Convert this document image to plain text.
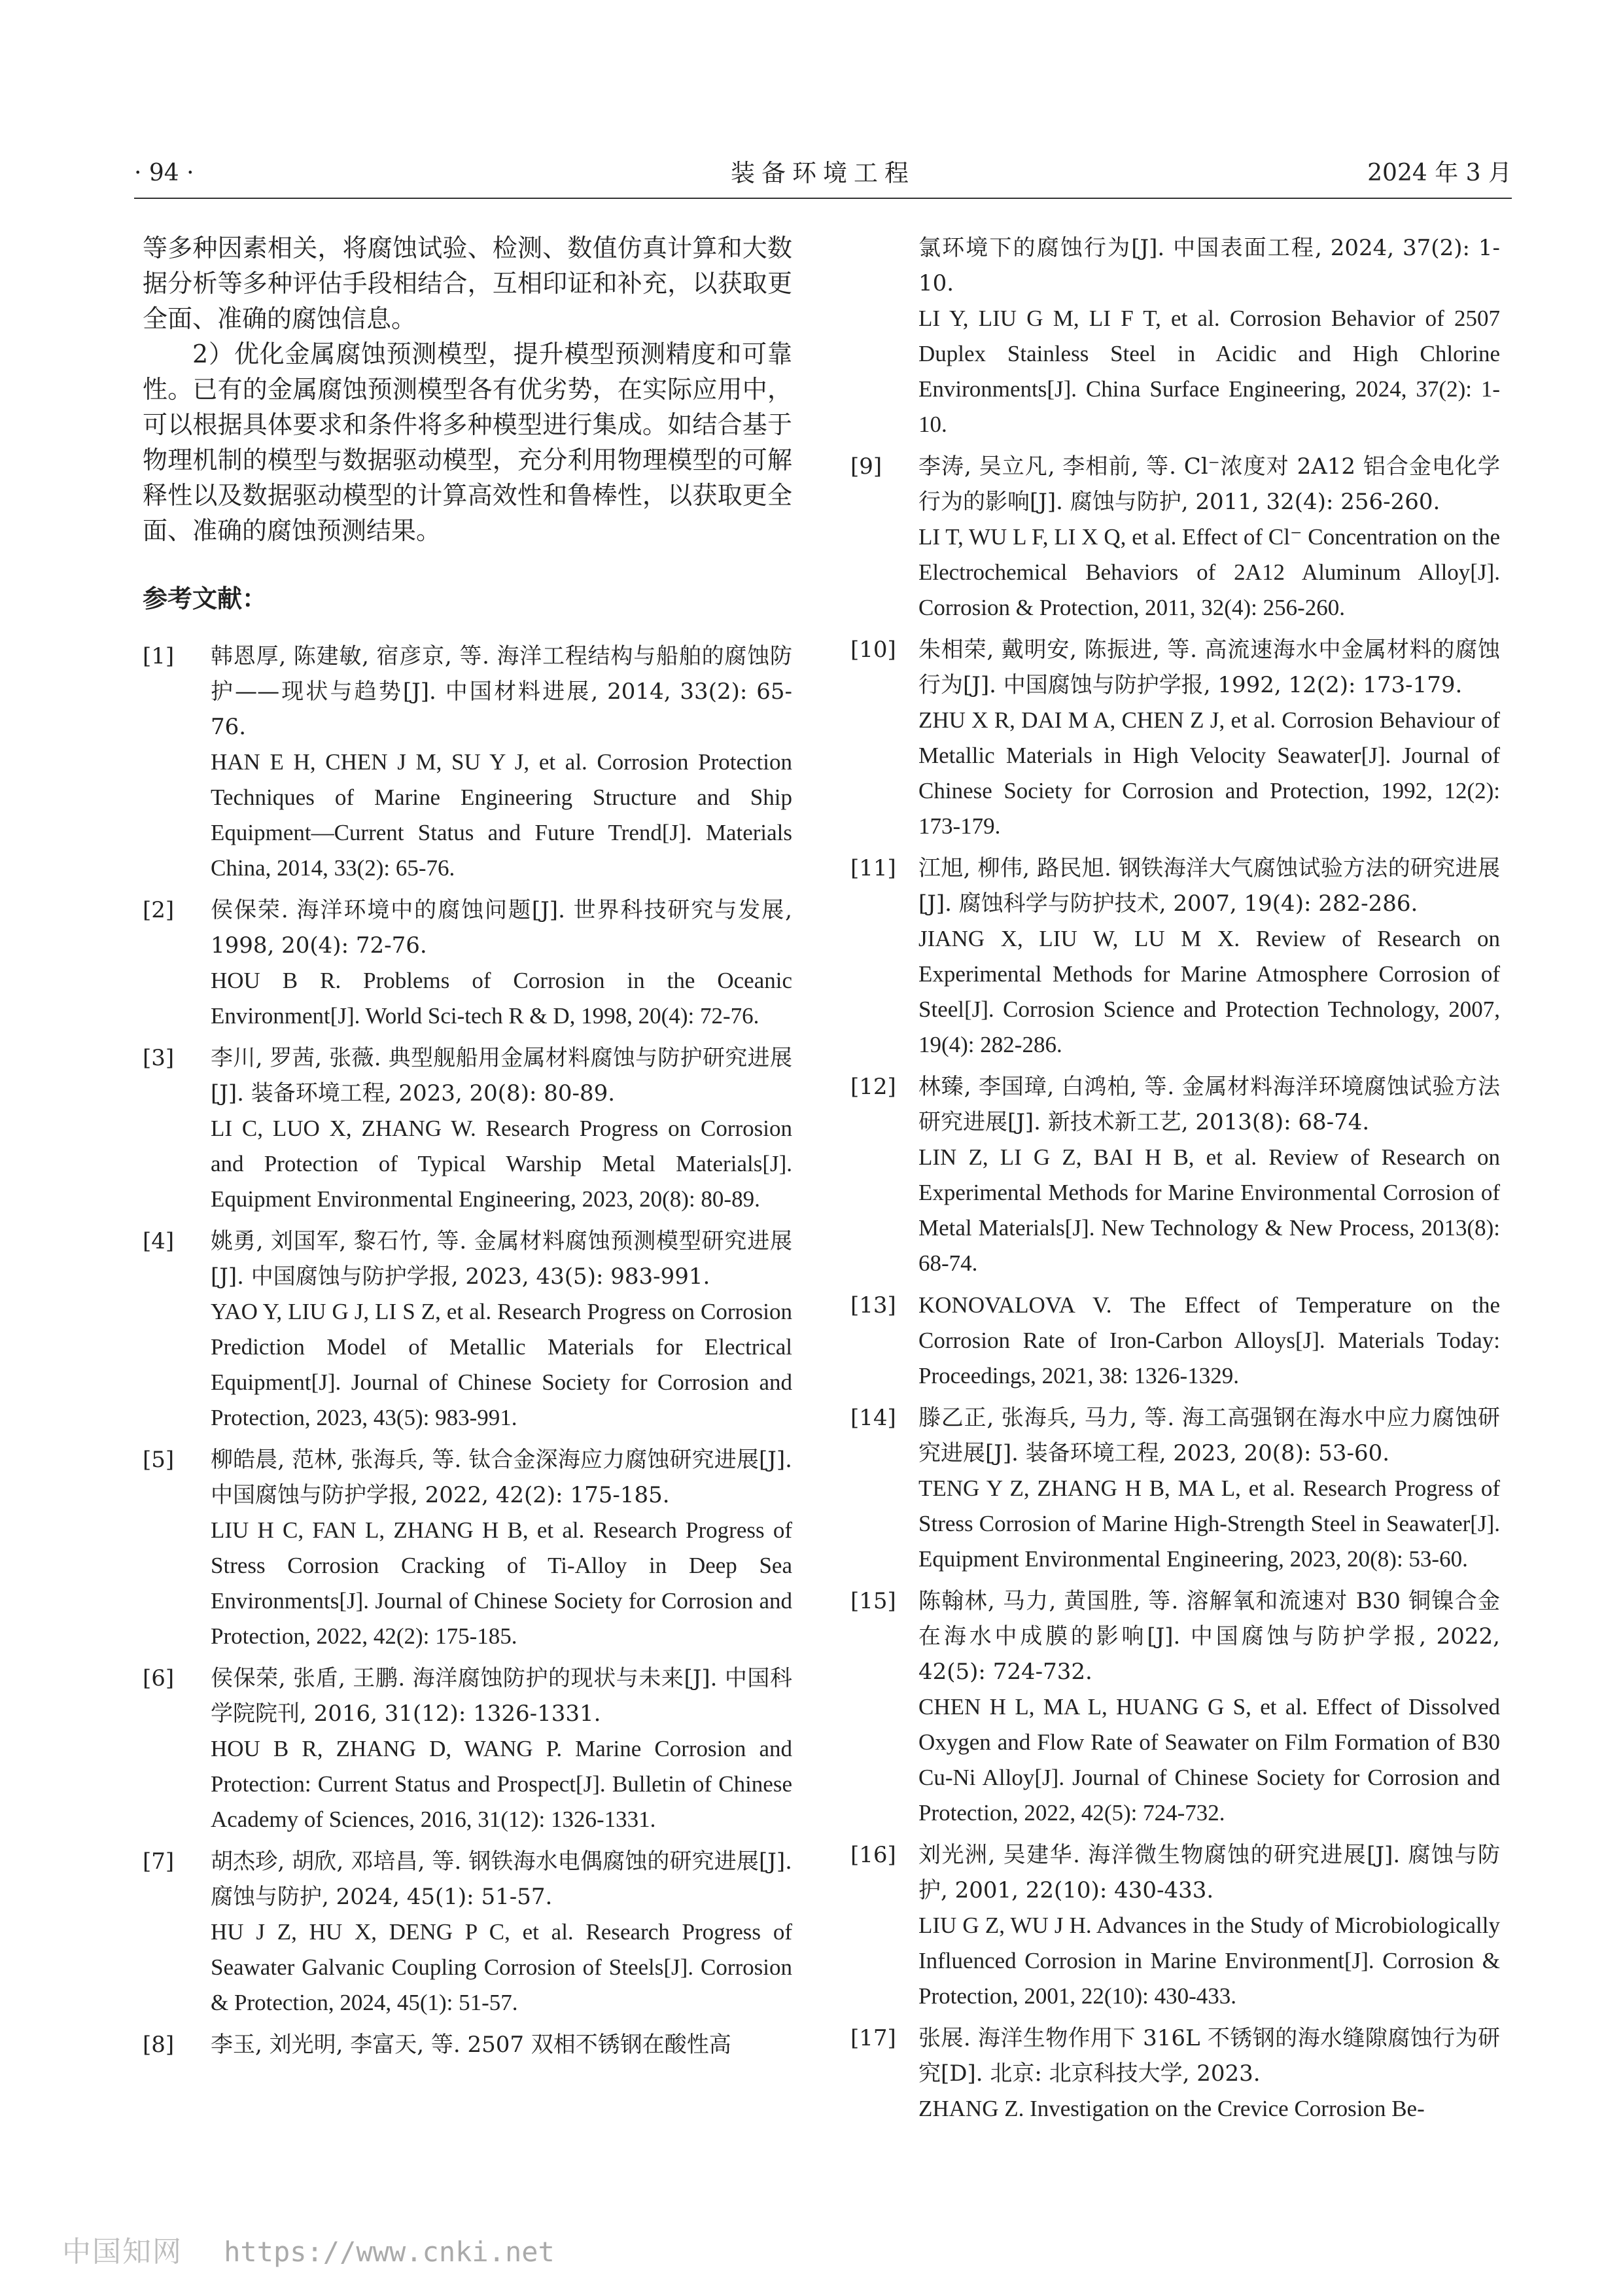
装备环境工程
· 94 ·	2024 年 3 月

等多种因素相关，将腐蚀试验、检测、数值仿真计算和大数据分析等多种评估手段相结合，互相印证和补充，以获取更全面、准确的腐蚀信息。

2）优化金属腐蚀预测模型，提升模型预测精度和可靠性。已有的金属腐蚀预测模型各有优劣势，在实际应用中，可以根据具体要求和条件将多种模型进行集成。如结合基于物理机制的模型与数据驱动模型，充分利用物理模型的可解释性以及数据驱动模型的计算高效性和鲁棒性，以获取更全面、准确的腐蚀预测结果。

参考文献：
[1] 韩恩厚, 陈建敏, 宿彦京, 等. 海洋工程结构与船舶的腐蚀防护——现状与趋势[J]. 中国材料进展, 2014, 33(2): 65-76.
HAN E H, CHEN J M, SU Y J, et al. Corrosion Protection Techniques of Marine Engineering Structure and Ship Equipment—Current Status and Future Trend[J]. Materials China, 2014, 33(2): 65-76.
[2] 侯保荣. 海洋环境中的腐蚀问题[J]. 世界科技研究与发展, 1998, 20(4): 72-76.
HOU B R. Problems of Corrosion in the Oceanic Environment[J]. World Sci-tech R & D, 1998, 20(4): 72-76.
[3] 李川, 罗茜, 张薇. 典型舰船用金属材料腐蚀与防护研究进展[J]. 装备环境工程, 2023, 20(8): 80-89.
LI C, LUO X, ZHANG W. Research Progress on Corrosion and Protection of Typical Warship Metal Materials[J]. Equipment Environmental Engineering, 2023, 20(8): 80-89.
[4] 姚勇, 刘国军, 黎石竹, 等. 金属材料腐蚀预测模型研究进展[J]. 中国腐蚀与防护学报, 2023, 43(5): 983-991.
YAO Y, LIU G J, LI S Z, et al. Research Progress on Corrosion Prediction Model of Metallic Materials for Electrical Equipment[J]. Journal of Chinese Society for Corrosion and Protection, 2023, 43(5): 983-991.
[5] 柳皓晨, 范林, 张海兵, 等. 钛合金深海应力腐蚀研究进展[J]. 中国腐蚀与防护学报, 2022, 42(2): 175-185.
LIU H C, FAN L, ZHANG H B, et al. Research Progress of Stress Corrosion Cracking of Ti-Alloy in Deep Sea Environments[J]. Journal of Chinese Society for Corrosion and Protection, 2022, 42(2): 175-185.
[6] 侯保荣, 张盾, 王鹏. 海洋腐蚀防护的现状与未来[J]. 中国科学院院刊, 2016, 31(12): 1326-1331.
HOU B R, ZHANG D, WANG P. Marine Corrosion and Protection: Current Status and Prospect[J]. Bulletin of Chinese Academy of Sciences, 2016, 31(12): 1326-1331.
[7] 胡杰珍, 胡欣, 邓培昌, 等. 钢铁海水电偶腐蚀的研究进展[J]. 腐蚀与防护, 2024, 45(1): 51-57.
HU J Z, HU X, DENG P C, et al. Research Progress of Seawater Galvanic Coupling Corrosion of Steels[J]. Corrosion & Protection, 2024, 45(1): 51-57.
[8] 李玉, 刘光明, 李富天, 等. 2507 双相不锈钢在酸性高
氯环境下的腐蚀行为[J]. 中国表面工程, 2024, 37(2): 1-10.
LI Y, LIU G M, LI F T, et al. Corrosion Behavior of 2507 Duplex Stainless Steel in Acidic and High Chlorine Environments[J]. China Surface Engineering, 2024, 37(2): 1-10.
[9] 李涛, 吴立凡, 李相前, 等. Cl⁻浓度对 2A12 铝合金电化学行为的影响[J]. 腐蚀与防护, 2011, 32(4): 256-260.
LI T, WU L F, LI X Q, et al. Effect of Cl⁻ Concentration on the Electrochemical Behaviors of 2A12 Aluminum Alloy[J]. Corrosion & Protection, 2011, 32(4): 256-260.
[10] 朱相荣, 戴明安, 陈振进, 等. 高流速海水中金属材料的腐蚀行为[J]. 中国腐蚀与防护学报, 1992, 12(2): 173-179.
ZHU X R, DAI M A, CHEN Z J, et al. Corrosion Behaviour of Metallic Materials in High Velocity Seawater[J]. Journal of Chinese Society for Corrosion and Protection, 1992, 12(2): 173-179.
[11] 江旭, 柳伟, 路民旭. 钢铁海洋大气腐蚀试验方法的研究进展[J]. 腐蚀科学与防护技术, 2007, 19(4): 282-286.
JIANG X, LIU W, LU M X. Review of Research on Experimental Methods for Marine Atmosphere Corrosion of Steel[J]. Corrosion Science and Protection Technology, 2007, 19(4): 282-286.
[12] 林臻, 李国璋, 白鸿柏, 等. 金属材料海洋环境腐蚀试验方法研究进展[J]. 新技术新工艺, 2013(8): 68-74.
LIN Z, LI G Z, BAI H B, et al. Review of Research on Experimental Methods for Marine Environmental Corrosion of Metal Materials[J]. New Technology & New Process, 2013(8): 68-74.
[13] KONOVALOVA V. The Effect of Temperature on the Corrosion Rate of Iron-Carbon Alloys[J]. Materials Today: Proceedings, 2021, 38: 1326-1329.
[14] 滕乙正, 张海兵, 马力, 等. 海工高强钢在海水中应力腐蚀研究进展[J]. 装备环境工程, 2023, 20(8): 53-60.
TENG Y Z, ZHANG H B, MA L, et al. Research Progress of Stress Corrosion of Marine High-Strength Steel in Seawater[J]. Equipment Environmental Engineering, 2023, 20(8): 53-60.
[15] 陈翰林, 马力, 黄国胜, 等. 溶解氧和流速对 B30 铜镍合金在海水中成膜的影响[J]. 中国腐蚀与防护学报, 2022, 42(5): 724-732.
CHEN H L, MA L, HUANG G S, et al. Effect of Dissolved Oxygen and Flow Rate of Seawater on Film Formation of B30 Cu-Ni Alloy[J]. Journal of Chinese Society for Corrosion and Protection, 2022, 42(5): 724-732.
[16] 刘光洲, 吴建华. 海洋微生物腐蚀的研究进展[J]. 腐蚀与防护, 2001, 22(10): 430-433.
LIU G Z, WU J H. Advances in the Study of Microbiologically Influenced Corrosion in Marine Environment[J]. Corrosion & Protection, 2001, 22(10): 430-433.
[17] 张展. 海洋生物作用下 316L 不锈钢的海水缝隙腐蚀行为研究[D]. 北京: 北京科技大学, 2023.
ZHANG Z. Investigation on the Crevice Corrosion Be-
中国知网 https://www.cnki.net
